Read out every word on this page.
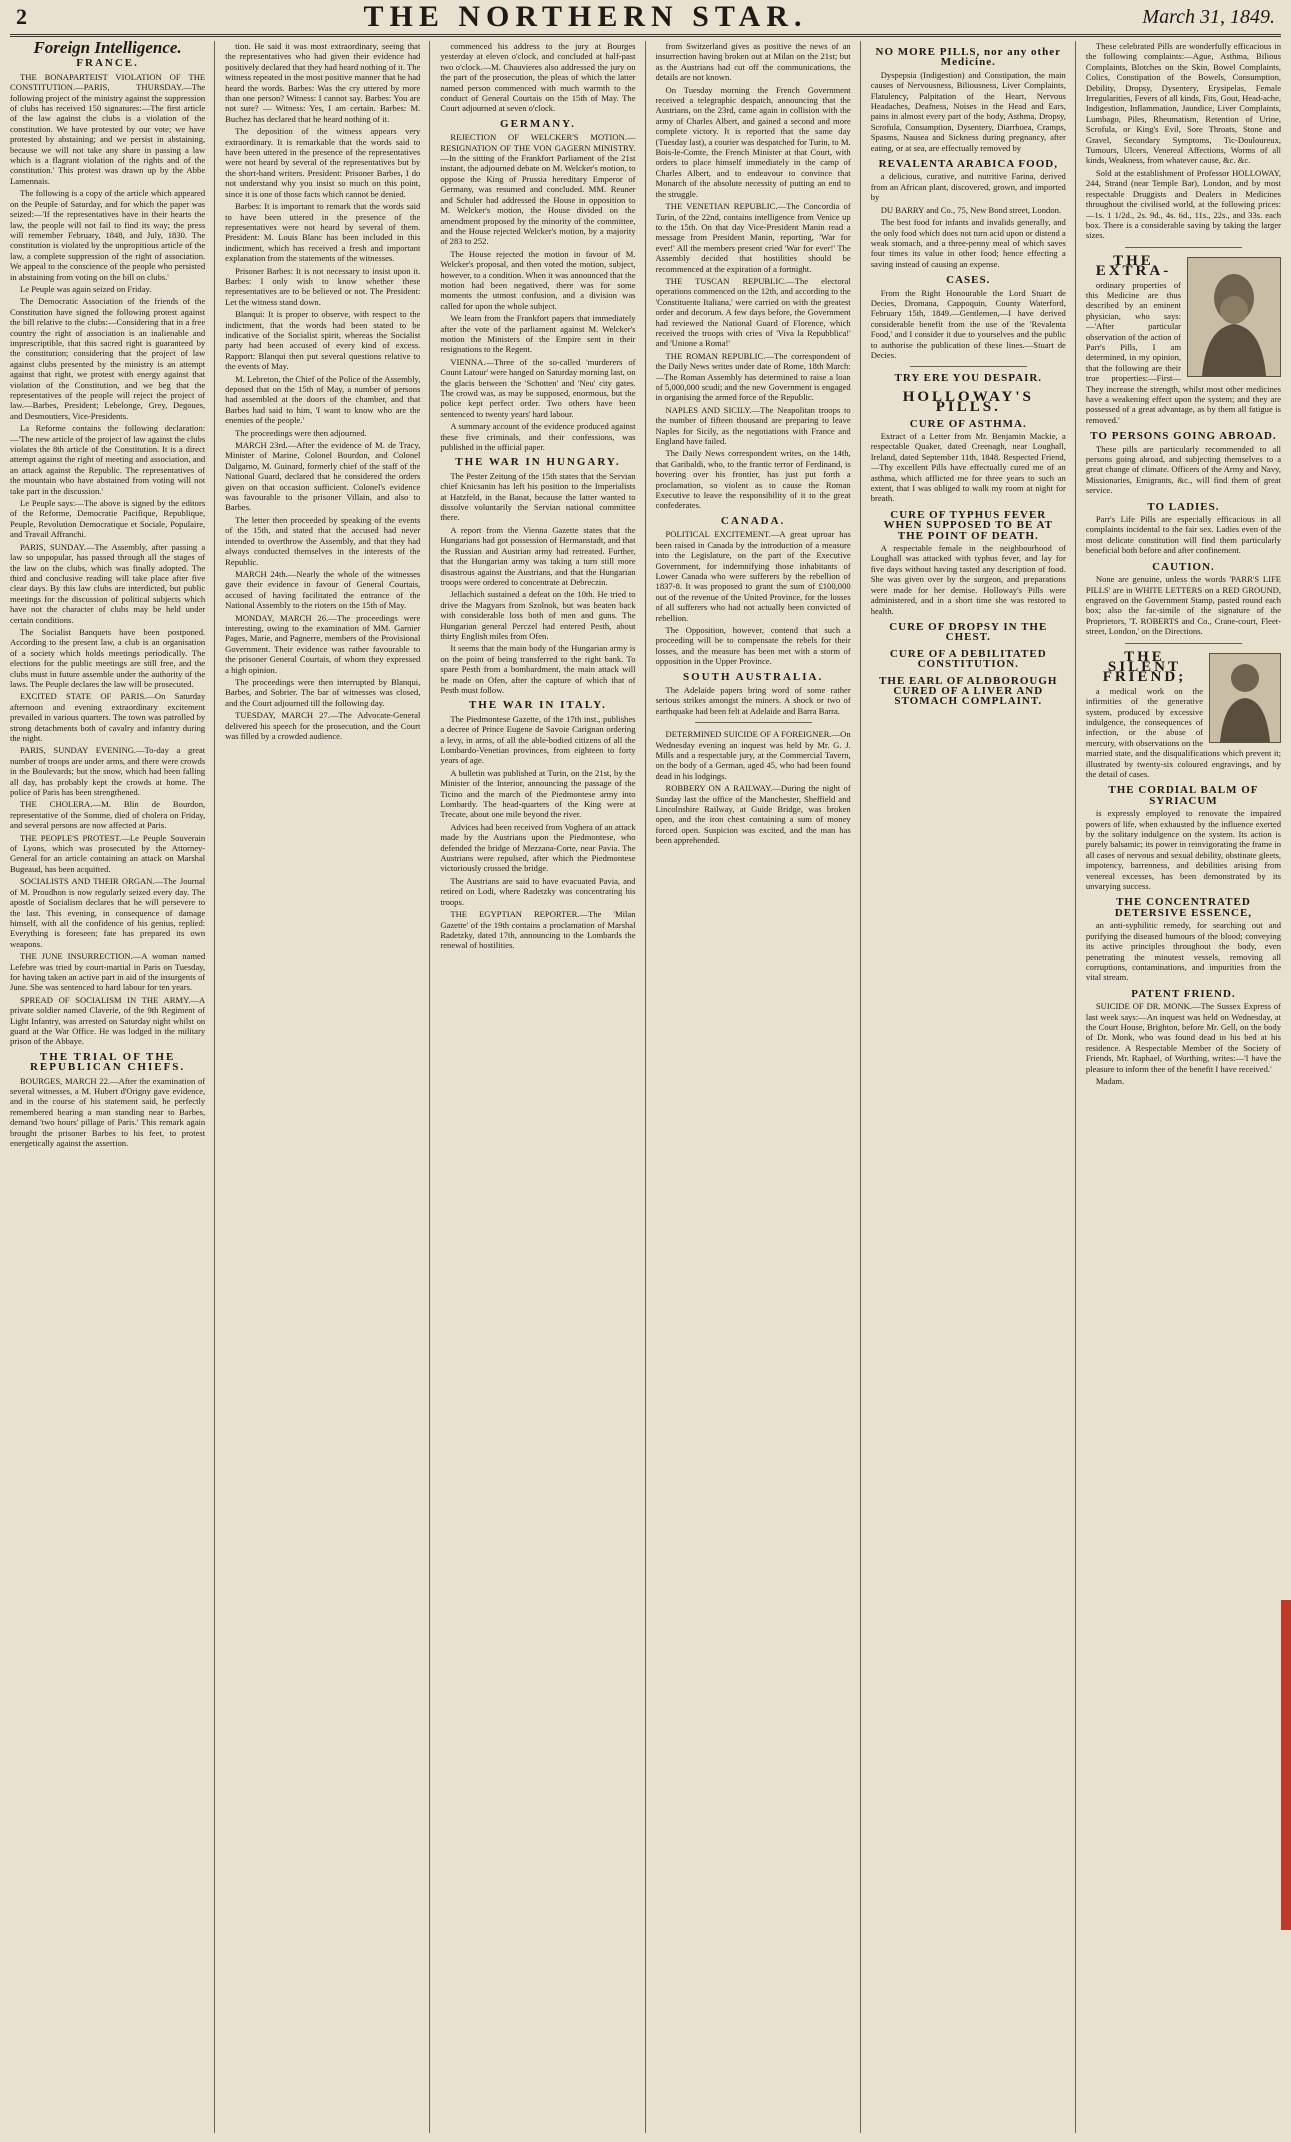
2	THE NORTHERN STAR.	March 31, 1849.
Foreign Intelligence.
FRANCE.

THE BONAPARTEIST VIOLATION OF THE CONSTITUTION.—PARIS, THURSDAY.—The following project of the ministry against the suppression of clubs has received 150 signatures:—The first article of the law against the clubs is a violation of the constitution. We have protested by our vote; we have protested by abstaining; and we persist in abstaining, because we will not take any share in passing a law which is a flagrant violation of the rights and of the constitution.' This protest was drawn up by the Abbe Lamennais.

The following is a copy of the article which appeared on the Peuple of Saturday, and for which the paper was seized:—'If the representatives have in their hearts the law, the people will not fail to find its way; the press will remember February, 1848, and July, 1830. The constitution is violated by the unpropitious article of the law, a complete suppression of the right of association. We appeal to the conscience of the people who persisted in abstaining from voting on the bill on clubs.'

Le Peuple was again seized on Friday.

The Democratic Association of the friends of the Constitution have signed the following protest against the bill relative to the clubs:—Considering that in a free country the right of association is an inalienable and imprescriptible, that this sacred right is guaranteed by the constitution; considering that the project of law against clubs presented by the ministry is an attempt against that right, we protest with energy against that violation of the Constitution, and we beg that the representatives of the people will reject the project of law.—Barbes, President; Lebelonge, Grey, Degoues, and Desmoutiers, Vice-Presidents.

La Reforme contains the following declaration:—'The new article of the project of law against the clubs violates the 8th article of the Constitution. It is a direct attempt against the right of meeting and association, and an attack against the Republic. The representatives of the mountain who have abstained from voting will not take part in the discussion.'

Le Peuple says:—The above is signed by the editors of the Reforme, Democratie Pacifique, Republique, Peuple, Revolution Democratique et Sociale, Populaire, and Travail Affranchi.

PARIS, SUNDAY.—The Assembly, after passing a law so unpopular, has passed through all the stages of the law on the clubs, which was finally adopted. The third and conclusive reading will take place after five clear days. By this law clubs are interdicted, but public meetings for the discussion of political subjects which have not the character of clubs may be held under certain conditions.

The Socialist Banquets have been postponed. According to the present law, a club is an organisation of a society which holds meetings periodically. The elections for the public meetings are still free, and the clubs must in future assemble under the authority of the laws. The Peuple declares the law will be prosecuted.

EXCITED STATE OF PARIS.—On Saturday afternoon and evening extraordinary excitement prevailed in various quarters. The town was patrolled by strong detachments both of cavalry and infantry during the night.

PARIS, SUNDAY EVENING.—To-day a great number of troops are under arms, and there were crowds in the Boulevards; but the snow, which had been falling all day, has probably kept the crowds at home. The police of Paris has been strengthened.

THE CHOLERA.—M. Blin de Bourdon, representative of the Somme, died of cholera on Friday, and several persons are now affected at Paris.

THE PEOPLE'S PROTEST.—Le Peuple Souverain of Lyons, which was prosecuted by the Attorney-General for an article containing an attack on Marshal Bugeaud, has been acquitted.

SOCIALISTS AND THEIR ORGAN.—The Journal of M. Proudhon is now regularly seized every day. The apostle of Socialism declares that he will persevere to the last. This evening, in consequence of damage himself, with all the confidence of his genius, replied: Everything is foreseen; fate has prepared its own weapons.

THE JUNE INSURRECTION.—A woman named Lefebre was tried by court-martial in Paris on Tuesday, for having taken an active part in aid of the insurgents of June. She was sentenced to hard labour for ten years.

SPREAD OF SOCIALISM IN THE ARMY.—A private soldier named Claverie, of the 9th Regiment of Light Infantry, was arrested on Saturday night whilst on guard at the War Office. He was lodged in the military prison of the Abbaye.

THE TRIAL OF THE REPUBLICAN CHIEFS.

BOURGES, MARCH 22.—After the examination of several witnesses, a M. Hubert d'Origny gave evidence, and in the course of his statement said, he perfectly remembered hearing a man standing near to Barbes, demand 'two hours' pillage of Paris.' This remark again brought the prisoner Barbes to his feet, to protest energetically against the assertion.

tion. He said it was most extraordinary, seeing that the representatives who had given their evidence had positively declared that they had heard nothing of it. The witness repeated in the most positive manner that he had heard the words. Barbes: Was the cry uttered by more than one person? Witness: I cannot say. Barbes: You are not sure? — Witness: Yes, I am certain. Barbes: M. Buchez has declared that he heard nothing of it.

The deposition of the witness appears very extraordinary. It is remarkable that the words said to have been uttered in the presence of the representatives were not heard by several of the representatives but by the short-hand writers. President: Prisoner Barbes, I do not understand why you insist so much on this point, since it is one of those facts which cannot be denied.

Barbes: It is important to remark that the words said to have been uttered in the presence of the representatives were not heard by several of them. President: M. Louis Blanc has been included in this indictment, which has received a fresh and important explanation from the statements of the witnesses.

Prisoner Barbes: It is not necessary to insist upon it. Barbes: I only wish to know whether these representatives are to be believed or not. The President: Let the witness stand down.

Blanqui: It is proper to observe, with respect to the indictment, that the words had been stated to be indicative of the Socialist spirit, whereas the Socialist party had been accused of every kind of excess. Rapport: Blanqui then put several questions relative to the events of May.

M. Lebreton, the Chief of the Police of the Assembly, deposed that on the 15th of May, a number of persons had assembled at the doors of the chamber, and that Barbes had said to him, 'I want to know who are the enemies of the people.'

The proceedings were then adjourned.

MARCH 23rd.—After the evidence of M. de Tracy, Minister of Marine, Colonel Bourdon, and Colonel Dalgarno, M. Guinard, formerly chief of the staff of the National Guard, declared that he considered the orders given on that occasion sufficient. Colonel's evidence was favourable to the prisoner Villain, and also to Barbes.

The letter then proceeded by speaking of the events of the 15th, and stated that the accused had never intended to overthrow the Assembly, and that they had always conducted themselves in the interests of the Republic.

MARCH 24th.—Nearly the whole of the witnesses gave their evidence in favour of General Courtais, accused of having facilitated the entrance of the National Assembly to the rioters on the 15th of May.

MONDAY, MARCH 26.—The proceedings were interesting, owing to the examination of MM. Garnier Pages, Marie, and Pagnerre, members of the Provisional Government. Their evidence was rather favourable to the prisoner General Courtais, of whom they expressed a high opinion.

The proceedings were then interrupted by Blanqui, Barbes, and Sobrier. The bar of witnesses was closed, and the Court adjourned till the following day.

TUESDAY, MARCH 27.—The Advocate-General delivered his speech for the prosecution, and the Court was filled by a crowded audience.

commenced his address to the jury at Bourges yesterday at eleven o'clock, and concluded at half-past two o'clock.—M. Chauvieres also addressed the jury on the part of the prosecution, the pleas of which the latter named person commenced with much warmth to the conduct of General Courtais on the 15th of May. The Court adjourned at seven o'clock.

GERMANY.

REJECTION OF WELCKER'S MOTION.—RESIGNATION OF THE VON GAGERN MINISTRY.—In the sitting of the Frankfort Parliament of the 21st instant, the adjourned debate on M. Welcker's motion, to oppose the King of Prussia hereditary Emperor of Germany, was resumed and concluded. MM. Reuner and Schuler had addressed the House in opposition to M. Welcker's motion, the House divided on the amendment proposed by the minority of the committee, and the House rejected Welcker's motion, by a majority of 283 to 252.

The House rejected the motion in favour of M. Welcker's proposal, and then voted the motion, subject, however, to a condition. When it was announced that the motion had been negatived, there was for some moments the utmost confusion, and a division was called for upon the whole subject.

We learn from the Frankfort papers that immediately after the vote of the parliament against M. Welcker's motion the Ministers of the Empire sent in their resignations to the Regent.

VIENNA.—Three of the so-called 'murderers of Count Latour' were hanged on Saturday morning last, on the glacis between the 'Schotten' and 'Neu' city gates. The crowd was, as may be supposed, enormous, but the police kept perfect order. Two others have been sentenced to twenty years' hard labour.

A summary account of the evidence produced against these five criminals, and their confessions, was published in the official paper.

THE WAR IN HUNGARY.

The Pester Zeitung of the 15th states that the Servian chief Knicsanin has left his position to the Imperialists at Hatzfeld, in the Banat, because the latter wanted to dissolve voluntarily the Servian national committee there.

A report from the Vienna Gazette states that the Hungarians had got possession of Hermanstadt, and that the Russian and Austrian army had retreated. Further, that the Hungarian army was taking a turn still more disastrous against the Austrians, and that the Hungarian troops were ordered to concentrate at Debreczin.

Jellachich sustained a defeat on the 10th. He tried to drive the Magyars from Szolnok, but was beaten back with considerable loss both of men and guns. The Hungarian general Perczel had entered Pesth, about thirty English miles from Ofen.

It seems that the main body of the Hungarian army is on the point of being transferred to the right bank. To spare Pesth from a bombardment, the main attack will be made on Ofen, after the capture of which that of Pesth must follow.

THE WAR IN ITALY.

The Piedmontese Gazette, of the 17th inst., publishes a decree of Prince Eugene de Savoie Carignan ordering a levy, in arms, of all the able-bodied citizens of all the Lombardo-Venetian provinces, from eighteen to forty years of age.

A bulletin was published at Turin, on the 21st, by the Minister of the Interior, announcing the passage of the Ticino and the march of the Piedmontese army into Lombardy. The head-quarters of the King were at Trecate, about one mile beyond the river.

Advices had been received from Voghera of an attack made by the Austrians upon the Piedmontese, who defended the bridge of Mezzana-Corte, near Pavia. The Austrians were repulsed, after which the Piedmontese victoriously crossed the bridge.

The Austrians are said to have evacuated Pavia, and retired on Lodi, where Radetzky was concentrating his troops.

THE EGYPTIAN REPORTER.—The 'Milan Gazette' of the 19th contains a proclamation of Marshal Radetzky, dated 17th, announcing to the Lombards the renewal of hostilities.

from Switzerland gives as positive the news of an insurrection having broken out at Milan on the 21st; but as the Austrians had cut off the communications, the details are not known.

On Tuesday morning the French Government received a telegraphic despatch, announcing that the Austrians, on the 23rd, came again in collision with the army of Charles Albert, and gained a second and more complete victory. It is reported that the same day (Tuesday last), a courier was despatched for Turin, to M. Bois-le-Comte, the French Minister at that Court, with orders to place himself immediately in the camp of Charles Albert, and to endeavour to convince that Monarch of the absolute necessity of putting an end to the struggle.

THE VENETIAN REPUBLIC.—The Concordia of Turin, of the 22nd, contains intelligence from Venice up to the 15th. On that day Vice-President Manin read a message from President Manin, reporting, 'War for ever!' All the members present cried 'War for ever!' The Assembly decided that hostilities should be recommenced at the expiration of a fortnight.

THE TUSCAN REPUBLIC.—The electoral operations commenced on the 12th, and according to the 'Constituente Italiana,' were carried on with the greatest order and decorum. A few days before, the Government had reviewed the National Guard of Florence, which received the troops with cries of 'Viva la Repubblica!' and 'Unione a Roma!'

THE ROMAN REPUBLIC.—The correspondent of the Daily News writes under date of Rome, 18th March:—The Roman Assembly has determined to raise a loan of 5,000,000 scudi; and the new Government is engaged in organising the armed force of the Republic.

NAPLES AND SICILY.—The Neapolitan troops to the number of fifteen thousand are preparing to leave Naples for Sicily, as the negotiations with France and England have failed.

The Daily News correspondent writes, on the 14th, that Garibaldi, who, to the frantic terror of Ferdinand, is hovering over his frontier, has just put forth a proclamation, so violent as to cause the Roman Executive to leave the responsibility of it to the great confederates.

CANADA.

POLITICAL EXCITEMENT.—A great uproar has been raised in Canada by the introduction of a measure into the Legislature, on the part of the Executive Government, for indemnifying those inhabitants of Lower Canada who were sufferers by the rebellion of 1837-8. It was proposed to grant the sum of £100,000 out of the revenue of the United Province, for the losses of all sufferers who had not actually been convicted of rebellion.

The Opposition, however, contend that such a proceeding will be to compensate the rebels for their losses, and the measure has been met with a storm of opposition in the Upper Province.

SOUTH AUSTRALIA.

The Adelaide papers bring word of some rather serious strikes amongst the miners. A shock or two of earthquake had been felt at Adelaide and Barra Barra.

DETERMINED SUICIDE OF A FOREIGNER.—On Wednesday evening an inquest was held by Mr. G. J. Mills and a respectable jury, at the Commercial Tavern, on the body of a German, aged 45, who had been found dead in his lodgings.

ROBBERY ON A RAILWAY.—During the night of Sunday last the office of the Manchester, Sheffield and Lincolnshire Railway, at Guide Bridge, was broken open, and the iron chest containing a sum of money forced open. Suspicion was excited, and the man has been apprehended.

NO MORE PILLS, nor any other Medicine.

Dyspepsia (Indigestion) and Constipation, the main causes of Nervousness, Biliousness, Liver Complaints, Flatulency, Palpitation of the Heart, Nervous Headaches, Deafness, Noises in the Head and Ears, pains in almost every part of the body, Asthma, Dropsy, Scrofula, Consumption, Dysentery, Diarrhoea, Cramps, Spasms, Nausea and Sickness during pregnancy, after eating, or at sea, are effectually removed by

REVALENTA ARABICA FOOD,

a delicious, curative, and nutritive Farina, derived from an African plant, discovered, grown, and imported by

DU BARRY and Co., 75, New Bond street, London.

The best food for infants and invalids generally, and the only food which does not turn acid upon or distend a weak stomach, and a three-penny meal of which saves four times its value in other food; hence effecting a saving instead of causing an expense.

CASES.

From the Right Honourable the Lord Stuart de Decies, Dromana, Cappoquin, County Waterford, February 15th, 1849.—Gentlemen,—I have derived considerable benefit from the use of the 'Revalenta Food,' and I consider it due to yourselves and the public to authorise the publication of these lines.—Stuart de Decies.

TRY ERE YOU DESPAIR.
HOLLOWAY'S PILLS.
CURE OF ASTHMA.

Extract of a Letter from Mr. Benjamin Mackie, a respectable Quaker, dated Creenagh, near Loughall, Ireland, dated September 11th, 1848. Respected Friend,—Thy excellent Pills have effectually cured me of an asthma, which afflicted me for three years to such an extent, that I was obliged to walk my room at night for breath.

CURE OF TYPHUS FEVER WHEN SUPPOSED TO BE AT THE POINT OF DEATH.

A respectable female in the neighbourhood of Loughall was attacked with typhus fever, and lay for five days without having tasted any description of food. She was given over by the surgeon, and preparations were made for her demise. Holloway's Pills were administered, and in a short time she was restored to health.

CURE OF DROPSY IN THE CHEST.
CURE OF A DEBILITATED CONSTITUTION.
THE EARL OF ALDBOROUGH CURED OF A LIVER AND STOMACH COMPLAINT.

These celebrated Pills are wonderfully efficacious in the following complaints:—Ague, Asthma, Bilious Complaints, Blotches on the Skin, Bowel Complaints, Colics, Constipation of the Bowels, Consumption, Debility, Dropsy, Dysentery, Erysipelas, Female Irregularities, Fevers of all kinds, Fits, Gout, Head-ache, Indigestion, Inflammation, Jaundice, Liver Complaints, Lumbago, Piles, Rheumatism, Retention of Urine, Scrofula, or King's Evil, Sore Throats, Stone and Gravel, Secondary Symptoms, Tic-Douloureux, Tumours, Ulcers, Venereal Affections, Worms of all kinds, Weakness, from whatever cause, &c. &c.

Sold at the establishment of Professor HOLLOWAY, 244, Strand (near Temple Bar), London, and by most respectable Druggists and Dealers in Medicines throughout the civilised world, at the following prices:—1s. 1 1/2d., 2s. 9d., 4s. 6d., 11s., 22s., and 33s. each box. There is a considerable saving by taking the larger sizes.

THE EXTRA-

ordinary properties of this Medicine are thus described by an eminent physician, who says:—'After particular observation of the action of Parr's Pills, I am determined, in my opinion, that the following are their true properties:—First—They increase the strength, whilst most other medicines have a weakening effect upon the system; and they are possessed of a great advantage, as by them all fatigue is removed.'

TO PERSONS GOING ABROAD.

These pills are particularly recommended to all persons going abroad, and subjecting themselves to a great change of climate. Officers of the Army and Navy, Missionaries, Emigrants, &c., will find them of great service.

TO LADIES.

Parr's Life Pills are especially efficacious in all complaints incidental to the fair sex. Ladies even of the most delicate constitution will find them particularly beneficial both before and after confinement.

CAUTION.

None are genuine, unless the words 'PARR'S LIFE PILLS' are in WHITE LETTERS on a RED GROUND, engraved on the Government Stamp, pasted round each box; also the fac-simile of the signature of the Proprietors, 'T. ROBERTS and Co., Crane-court, Fleet-street, London,' on the Directions.

THE SILENT FRIEND;

a medical work on the infirmities of the generative system, produced by excessive indulgence, the consequences of infection, or the abuse of mercury, with observations on the married state, and the disqualifications which prevent it; illustrated by twenty-six coloured engravings, and by the detail of cases.

THE CORDIAL BALM OF SYRIACUM

is expressly employed to renovate the impaired powers of life, when exhausted by the influence exerted by the solitary indulgence on the system. Its action is purely balsamic; its power in reinvigorating the frame in all cases of nervous and sexual debility, obstinate gleets, impotency, barrenness, and debilities arising from venereal excesses, has been demonstrated by its unvarying success.

THE CONCENTRATED DETERSIVE ESSENCE,

an anti-syphilitic remedy, for searching out and purifying the diseased humours of the blood; conveying its active principles throughout the body, even penetrating the minutest vessels, removing all corruptions, contaminations, and impurities from the vital stream.

PATENT FRIEND.

SUICIDE OF DR. MONK.—The Sussex Express of last week says:—An inquest was held on Wednesday, at the Court House, Brighton, before Mr. Gell, on the body of Dr. Monk, who was found dead in his bed at his residence. A Respectable Member of the Society of Friends, Mr. Raphael, of Worthing, writes:—'I have the pleasure to inform thee of the benefit I have received.'

Madam.
